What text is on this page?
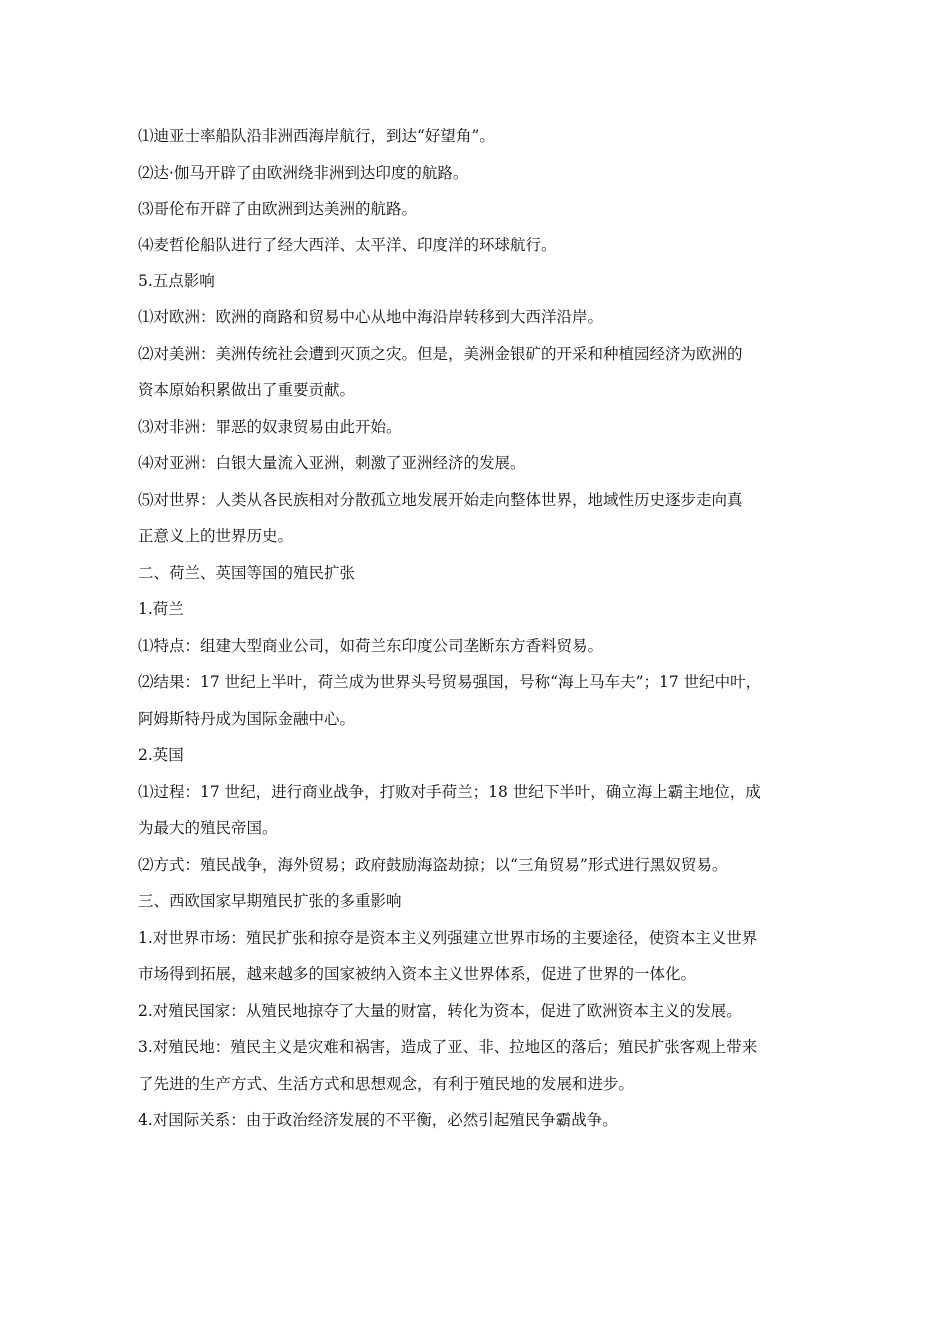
⑴迪亚士率船队沿非洲西海岸航行，到达“好望角”。
⑵达·伽马开辟了由欧洲绕非洲到达印度的航路。
⑶哥伦布开辟了由欧洲到达美洲的航路。
⑷麦哲伦船队进行了经大西洋、太平洋、印度洋的环球航行。
5.五点影响
⑴对欧洲：欧洲的商路和贸易中心从地中海沿岸转移到大西洋沿岸。
⑵对美洲：美洲传统社会遭到灭顶之灾。但是，美洲金银矿的开采和种植园经济为欧洲的
资本原始积累做出了重要贡献。
⑶对非洲：罪恶的奴隶贸易由此开始。
⑷对亚洲：白银大量流入亚洲，刺激了亚洲经济的发展。
⑸对世界：人类从各民族相对分散孤立地发展开始走向整体世界，地域性历史逐步走向真
正意义上的世界历史。
二、荷兰、英国等国的殖民扩张
1.荷兰
⑴特点：组建大型商业公司，如荷兰东印度公司垄断东方香料贸易。
⑵结果：17 世纪上半叶，荷兰成为世界头号贸易强国，号称“海上马车夫”；17 世纪中叶，
阿姆斯特丹成为国际金融中心。
2.英国
⑴过程：17 世纪，进行商业战争，打败对手荷兰；18 世纪下半叶，确立海上霸主地位，成
为最大的殖民帝国。
⑵方式：殖民战争，海外贸易；政府鼓励海盗劫掠；以“三角贸易”形式进行黑奴贸易。
三、西欧国家早期殖民扩张的多重影响
1.对世界市场：殖民扩张和掠夺是资本主义列强建立世界市场的主要途径，使资本主义世界
市场得到拓展，越来越多的国家被纳入资本主义世界体系，促进了世界的一体化。
2.对殖民国家：从殖民地掠夺了大量的财富，转化为资本，促进了欧洲资本主义的发展。
3.对殖民地：殖民主义是灾难和祸害，造成了亚、非、拉地区的落后；殖民扩张客观上带来
了先进的生产方式、生活方式和思想观念，有利于殖民地的发展和进步。
4.对国际关系：由于政治经济发展的不平衡，必然引起殖民争霸战争。
